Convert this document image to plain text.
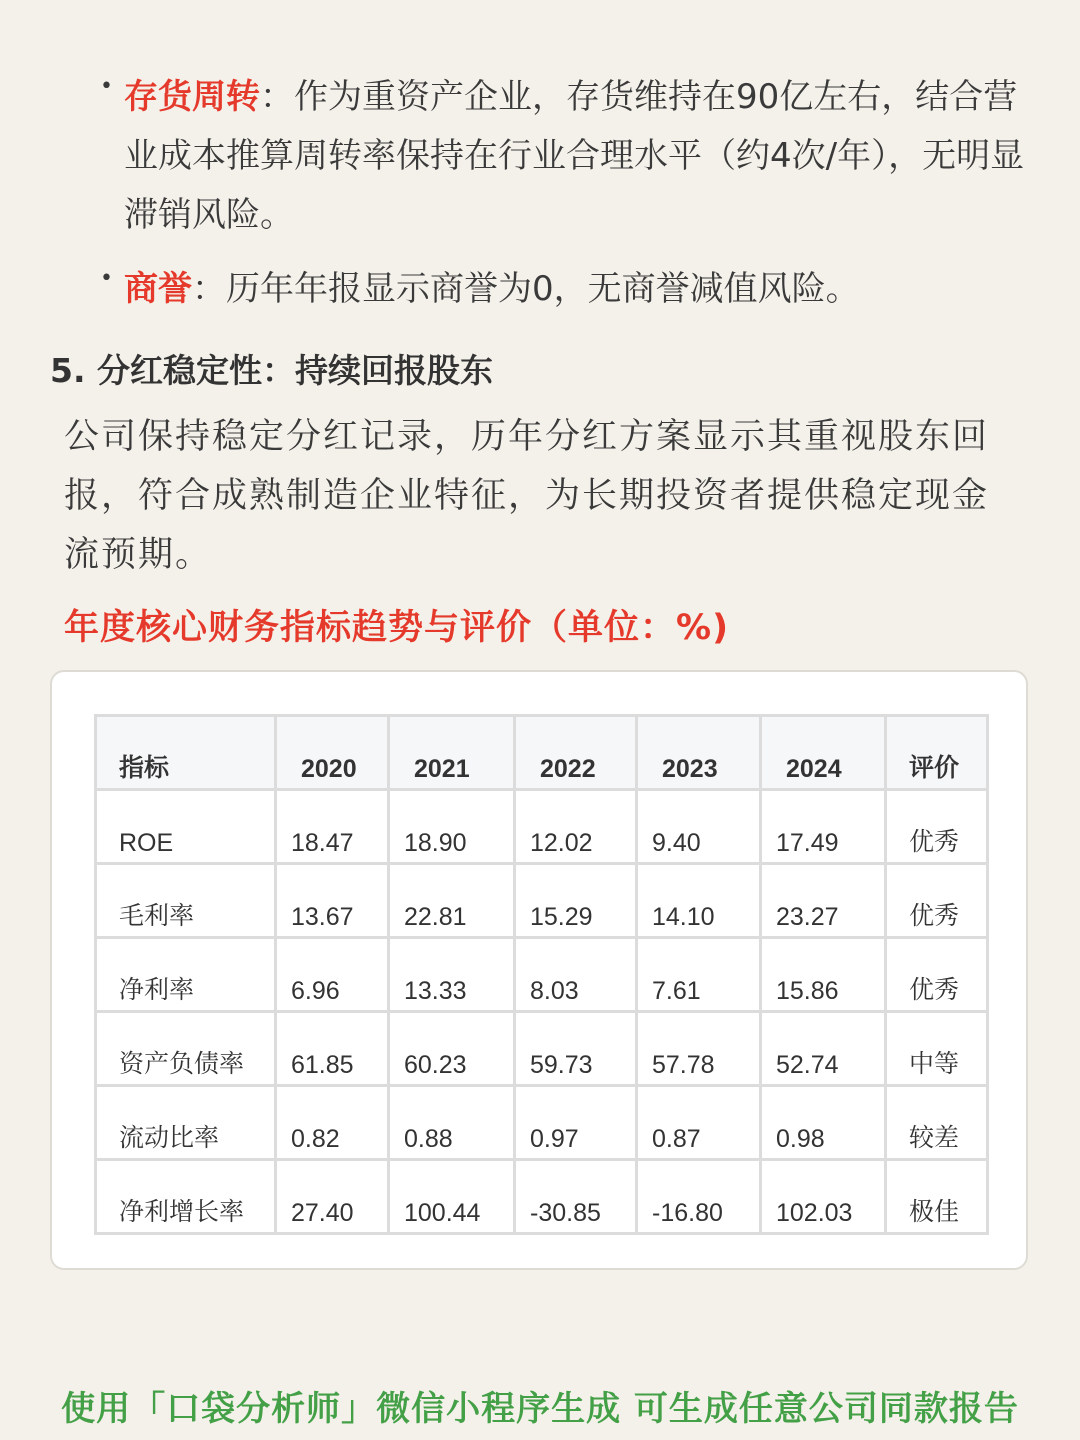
• 存货周转：作为重资产企业，存货维持在90亿左右，结合营业成本推算周转率保持在行业合理水平（约4次/年），无明显滞销风险。
• 商誉：历年年报显示商誉为0，无商誉减值风险。
5. 分红稳定性：持续回报股东
公司保持稳定分红记录，历年分红方案显示其重视股东回报，符合成熟制造企业特征，为长期投资者提供稳定现金流预期。
年度核心财务指标趋势与评价（单位：%)
指标	2020	2021	2022	2023	2024	评价
ROE	18.47	18.90	12.02	9.40	17.49	优秀
毛利率	13.67	22.81	15.29	14.10	23.27	优秀
净利率	6.96	13.33	8.03	7.61	15.86	优秀
资产负债率	61.85	60.23	59.73	57.78	52.74	中等
流动比率	0.82	0.88	0.97	0.87	0.98	较差
净利增长率	27.40	100.44	-30.85	-16.80	102.03	极佳
使用「口袋分析师」微信小程序生成 可生成任意公司同款报告
